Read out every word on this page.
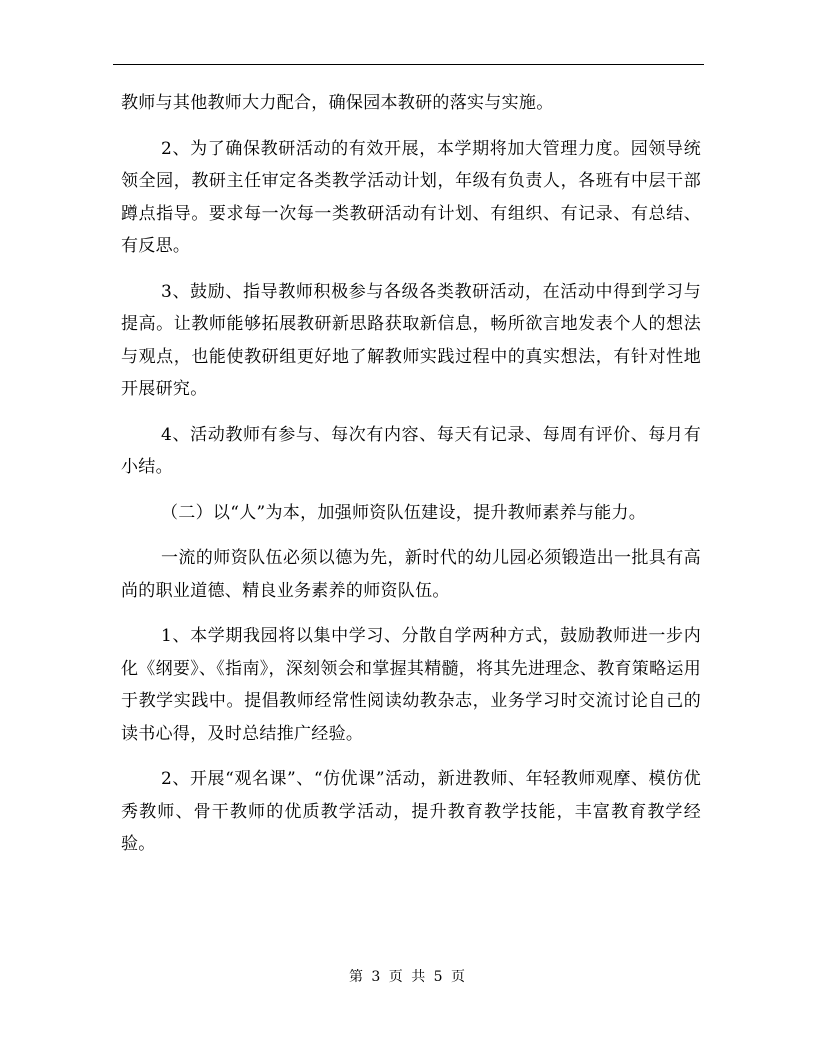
教师与其他教师大力配合，确保园本教研的落实与实施。

2、为了确保教研活动的有效开展，本学期将加大管理力度。园领导统领全园，教研主任审定各类教学活动计划，年级有负责人，各班有中层干部蹲点指导。要求每一次每一类教研活动有计划、有组织、有记录、有总结、有反思。

3、鼓励、指导教师积极参与各级各类教研活动，在活动中得到学习与提高。让教师能够拓展教研新思路获取新信息，畅所欲言地发表个人的想法与观点，也能使教研组更好地了解教师实践过程中的真实想法，有针对性地开展研究。

4、活动教师有参与、每次有内容、每天有记录、每周有评价、每月有小结。

（二）以“人”为本，加强师资队伍建设，提升教师素养与能力。

一流的师资队伍必须以德为先，新时代的幼儿园必须锻造出一批具有高尚的职业道德、精良业务素养的师资队伍。

1、本学期我园将以集中学习、分散自学两种方式，鼓励教师进一步内化《纲要》、《指南》，深刻领会和掌握其精髓，将其先进理念、教育策略运用于教学实践中。提倡教师经常性阅读幼教杂志，业务学习时交流讨论自己的读书心得，及时总结推广经验。

2、开展“观名课”、“仿优课”活动，新进教师、年轻教师观摩、模仿优秀教师、骨干教师的优质教学活动，提升教育教学技能，丰富教育教学经验。

第 3 页 共 5 页
